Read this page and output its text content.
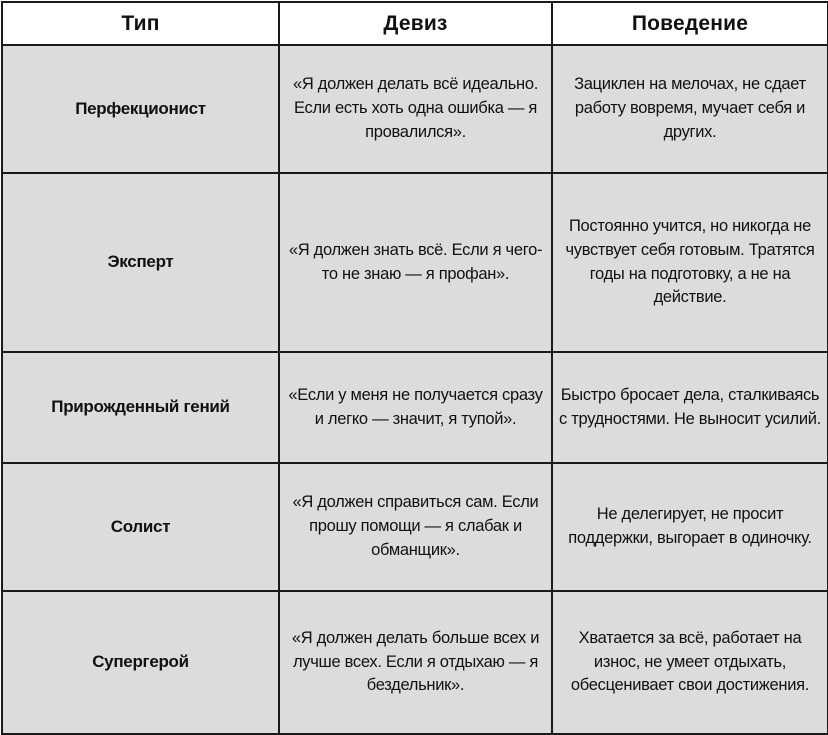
Тип	Девиз	Поведение
Перфекционист	«Я должен делать всё идеально. Если есть хоть одна ошибка — я провалился».	Зациклен на мелочах, не сдает работу вовремя, мучает себя и других.
Эксперт	«Я должен знать всё. Если я чего-то не знаю — я профан».	Постоянно учится, но никогда не чувствует себя готовым. Тратятся годы на подготовку, а не на действие.
Прирожденный гений	«Если у меня не получается сразу и легко — значит, я тупой».	Быстро бросает дела, сталкиваясь с трудностями. Не выносит усилий.
Солист	«Я должен справиться сам. Если прошу помощи — я слабак и обманщик».	Не делегирует, не просит поддержки, выгорает в одиночку.
Супергерой	«Я должен делать больше всех и лучше всех. Если я отдыхаю — я бездельник».	Хватается за всё, работает на износ, не умеет отдыхать, обесценивает свои достижения.
